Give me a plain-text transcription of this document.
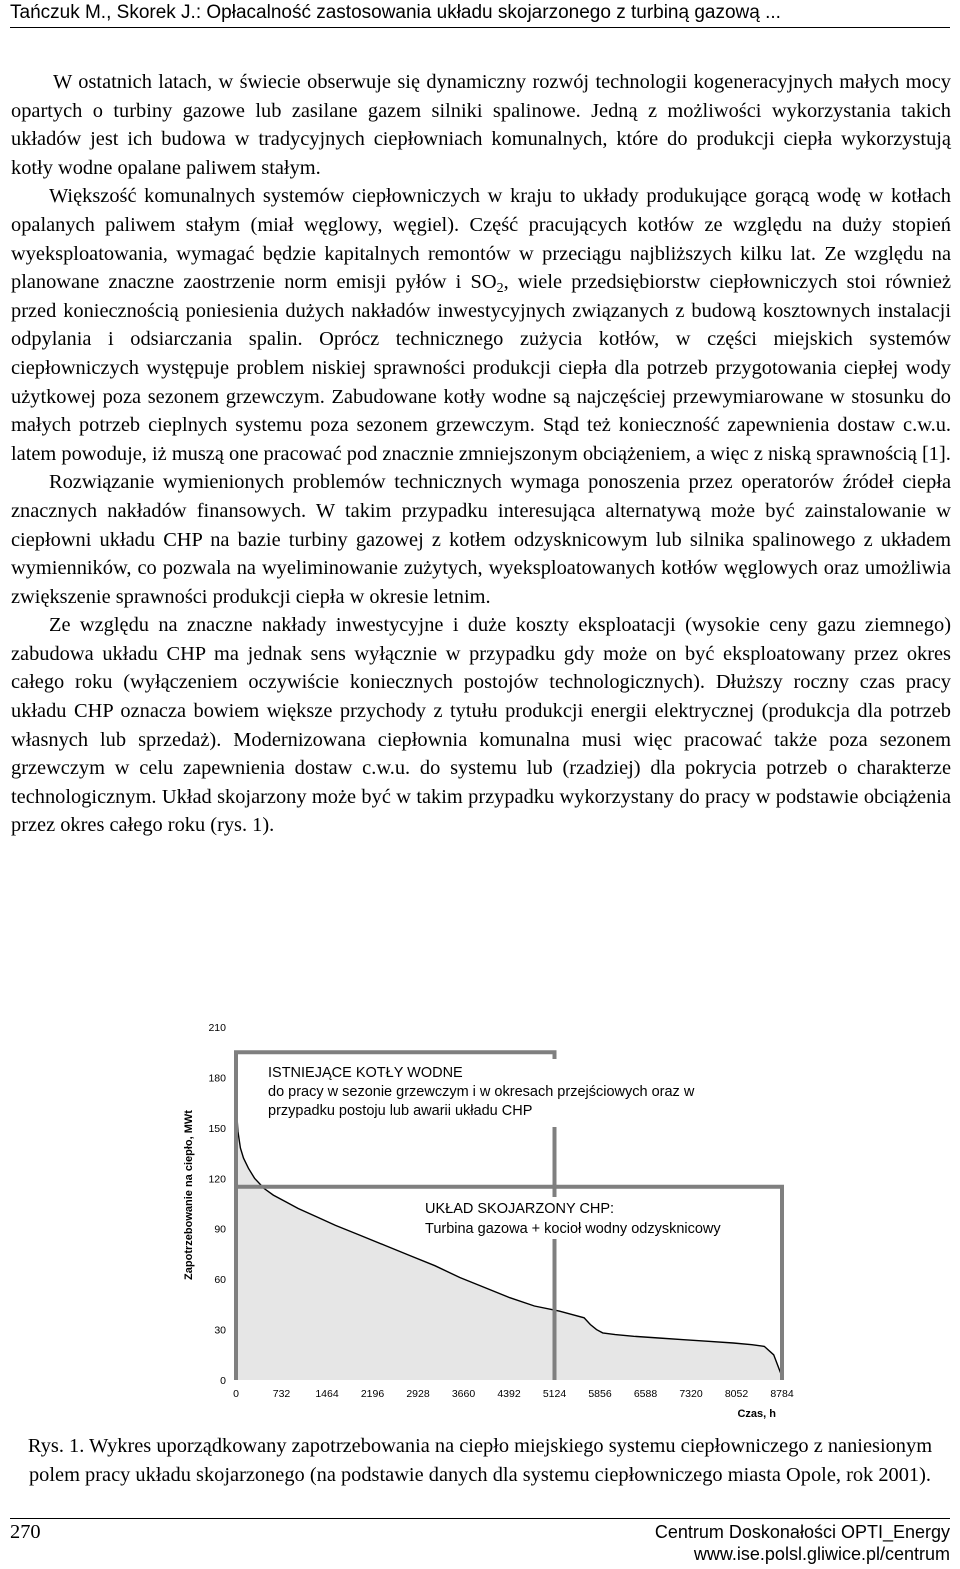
Tańczuk M., Skorek J.: Opłacalność zastosowania układu skojarzonego z turbiną gazową ...

W ostatnich latach, w świecie obserwuje się dynamiczny rozwój technologii kogeneracyjnych małych mocy opartych o turbiny gazowe lub zasilane gazem silniki spalinowe. Jedną z możliwości wykorzystania takich układów jest ich budowa w tradycyjnych ciepłowniach komunalnych, które do produkcji ciepła wykorzystują kotły wodne opalane paliwem stałym.

Większość komunalnych systemów ciepłowniczych w kraju to układy produkujące gorącą wodę w kotłach opalanych paliwem stałym (miał węglowy, węgiel). Część pracujących kotłów ze względu na duży stopień wyeksploatowania, wymagać będzie kapitalnych remontów w przeciągu najbliższych kilku lat. Ze względu na planowane znaczne zaostrzenie norm emisji pyłów i $SO_2$, wiele przedsiębiorstw ciepłowniczych stoi również przed koniecznością poniesienia dużych nakładów inwestycyjnych związanych z budową kosztownych instalacji odpylania i odsiarczania spalin. Oprócz technicznego zużycia kotłów, w części miejskich systemów ciepłowniczych występuje problem niskiej sprawności produkcji ciepła dla potrzeb przygotowania ciepłej wody użytkowej poza sezonem grzewczym. Zabudowane kotły wodne są najczęściej przewymiarowane w stosunku do małych potrzeb cieplnych systemu poza sezonem grzewczym. Stąd też konieczność zapewnienia dostaw c.w.u. latem powoduje, iż muszą one pracować pod znacznie zmniejszonym obciążeniem, a więc z niską sprawnością [1].

Rozwiązanie wymienionych problemów technicznych wymaga ponoszenia przez operatorów źródeł ciepła znacznych nakładów finansowych. W takim przypadku interesująca alternatywą może być zainstalowanie w ciepłowni układu CHP na bazie turbiny gazowej z kotłem odzysknicowym lub silnika spalinowego z układem wymienników, co pozwala na wyeliminowanie zużytych, wyeksploatowanych kotłów węglowych oraz umożliwia zwiększenie sprawności produkcji ciepła w okresie letnim.

Ze względu na znaczne nakłady inwestycyjne i duże koszty eksploatacji (wysokie ceny gazu ziemnego) zabudowa układu CHP ma jednak sens wyłącznie w przypadku gdy może on być eksploatowany przez okres całego roku (wyłączeniem oczywiście koniecznych postojów technologicznych). Dłuższy roczny czas pracy układu CHP oznacza bowiem większe przychody z tytułu produkcji energii elektrycznej (produkcja dla potrzeb własnych lub sprzedaż). Modernizowana ciepłownia komunalna musi więc pracować także poza sezonem grzewczym w celu zapewnienia dostaw c.w.u. do systemu lub (rzadziej) dla pokrycia potrzeb o charakterze technologicznym. Układ skojarzony może być w takim przypadku wykorzystany do pracy w podstawie obciążenia przez okres całego roku (rys. 1).

Zapotrzebowanie na ciepło, MWt
Czas, h
0
30
60
90
120
150
180
210
0	732 1464 2196 2928 3660 4392 5124 5856 6588 7320 8052 8784
ISTNIEJĄCE KOTŁY WODNE
do pracy w sezonie grzewczym i w okresach przejściowych oraz w
przypadku postoju lub awarii układu CHP
UKŁAD SKOJARZONY CHP:
Turbina gazowa + kocioł wodny odzysknicowy
Rys. 1. Wykres uporządkowany zapotrzebowania na ciepło miejskiego systemu ciepłowniczego z naniesionym polem pracy układu skojarzonego (na podstawie danych dla systemu ciepłowniczego miasta Opole, rok 2001).
270	Centrum Doskonałości OPTI_Energy
www.ise.polsl.gliwice.pl/centrum
